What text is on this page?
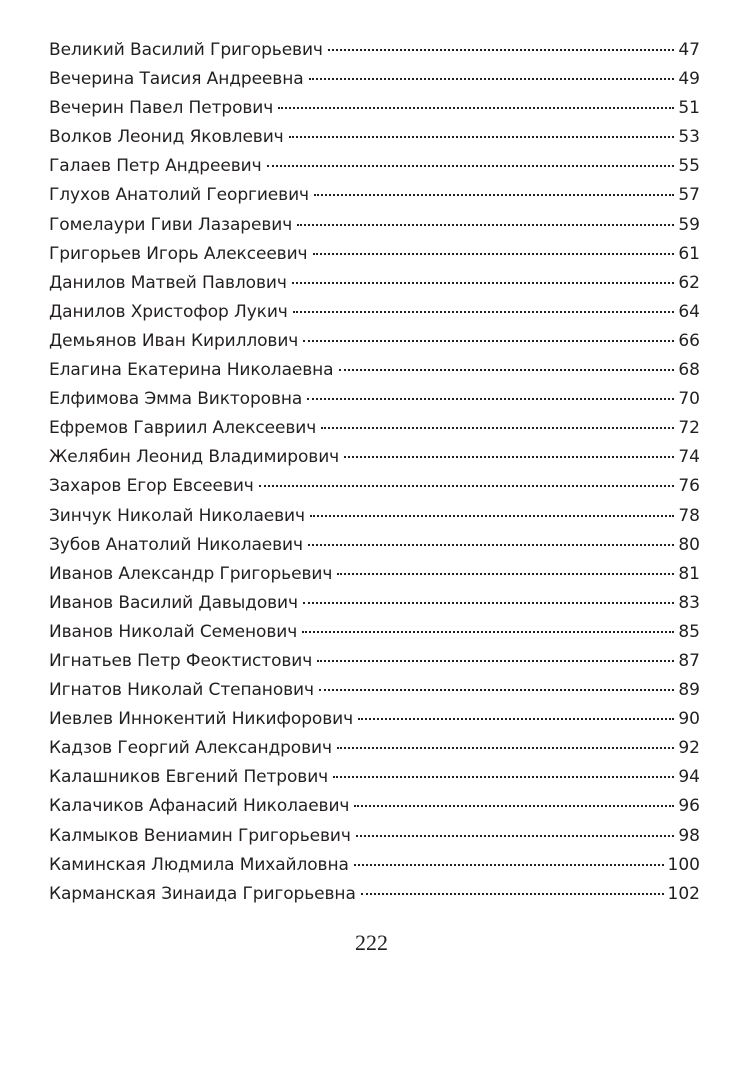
Великий Василий Григорьевич	47
Вечерина Таисия Андреевна	49
Вечерин Павел Петрович	51
Волков Леонид Яковлевич	53
Галаев Петр Андреевич	55
Глухов Анатолий Георгиевич	57
Гомелаури Гиви Лазаревич	59
Григорьев Игорь Алексеевич	61
Данилов Матвей Павлович	62
Данилов Христофор Лукич	64
Демьянов Иван Кириллович	66
Елагина Екатерина Николаевна	68
Елфимова Эмма Викторовна	70
Ефремов Гавриил Алексеевич	72
Желябин Леонид Владимирович	74
Захаров Егор Евсеевич	76
Зинчук Николай Николаевич	78
Зубов Анатолий Николаевич	80
Иванов Александр Григорьевич	81
Иванов Василий Давыдович	83
Иванов Николай Семенович	85
Игнатьев Петр Феоктистович	87
Игнатов Николай Степанович	89
Иевлев Иннокентий Никифорович	90
Кадзов Георгий Александрович	92
Калашников Евгений Петрович	94
Калачиков Афанасий Николаевич	96
Калмыков Вениамин Григорьевич	98
Каминская Людмила Михайловна	100
Карманская Зинаида Григорьевна	102
222
